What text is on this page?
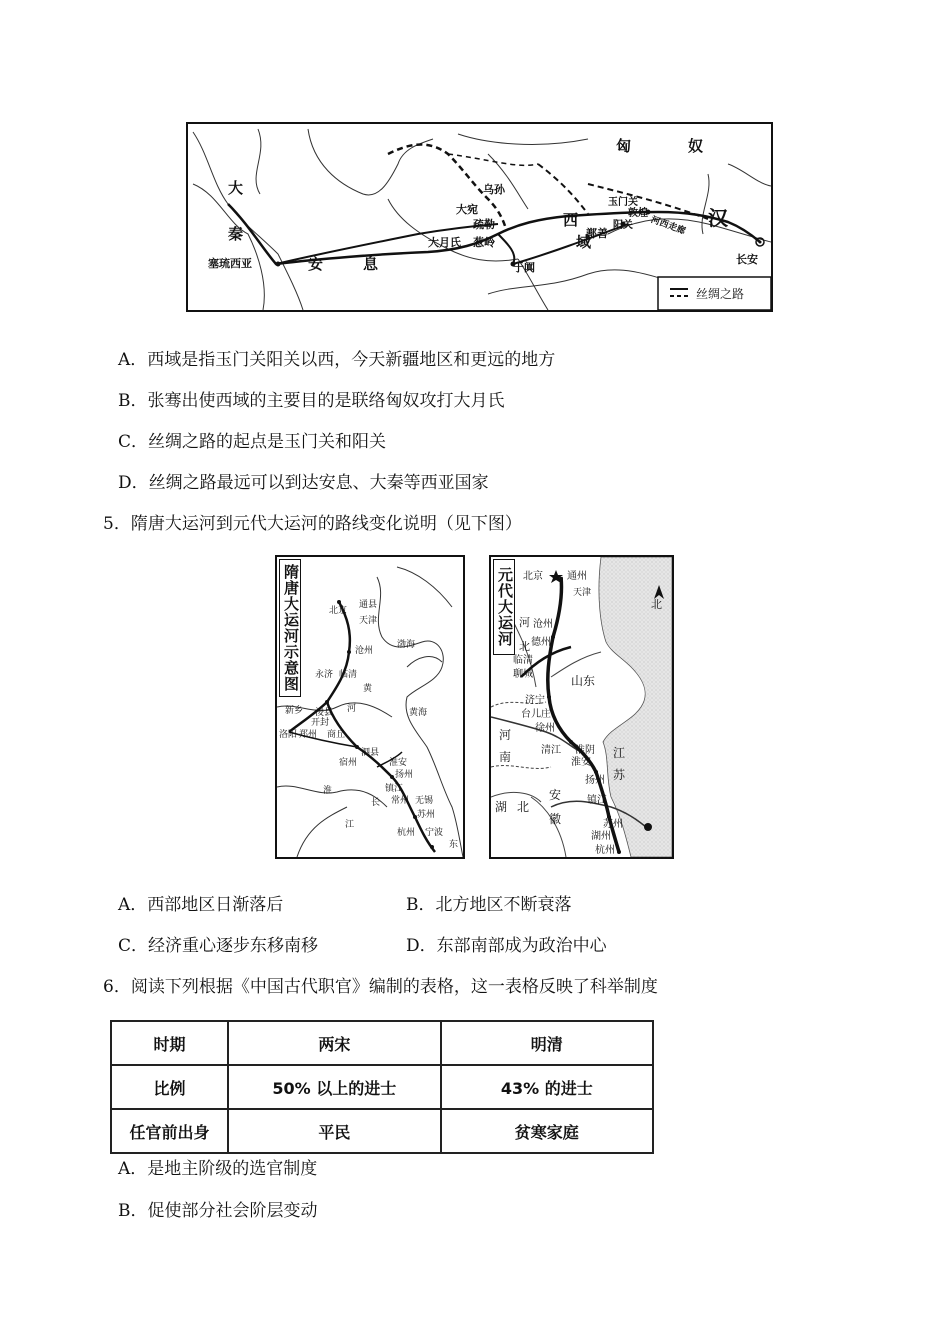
匈	奴
大
秦
塞琉西亚	安	息
乌孙
大宛
疏勒
大月氏 葱岭
于阗
西
域
鄯善
玉门关
敦煌
阳关 河西走廊 汉
长安
丝绸之路
A．西域是指玉门关阳关以西，今天新疆地区和更远的地方
B．张骞出使西域的主要目的是联络匈奴攻打大月氏
C．丝绸之路的起点是玉门关和阳关
D．丝绸之路最远可以到达安息、大秦等西亚国家
5．隋唐大运河到元代大运河的路线变化说明（见下图）
隋唐大运河示意图	北京
通县
天津
渤海
沧州
临清
永济
新乡 浚县 河
黄
黄海
开封
商丘
郑州
洛阳
泗县
宿州	淮安
扬州
淮	镇江
长 常州 无锡
江
苏州
杭州 宁波
东
元代大运河 北京 通州
天津
河
北
沧州
德州
临清
聊城	山东
济宁
台儿庄
徐州
河
南	清江 淮阴
淮安
江
苏
扬州
安
徽
湖 北	镇江
苏州
湖州
杭州
北
A．西部地区日渐落后	B．北方地区不断衰落
C．经济重心逐步东移南移	D．东部南部成为政治中心
6．阅读下列根据《中国古代职官》编制的表格，这一表格反映了科举制度
时期	两宋	明清
比例	50% 以上的进士	43% 的进士
任官前出身	平民	贫寒家庭
A．是地主阶级的选官制度
B．促使部分社会阶层变动
